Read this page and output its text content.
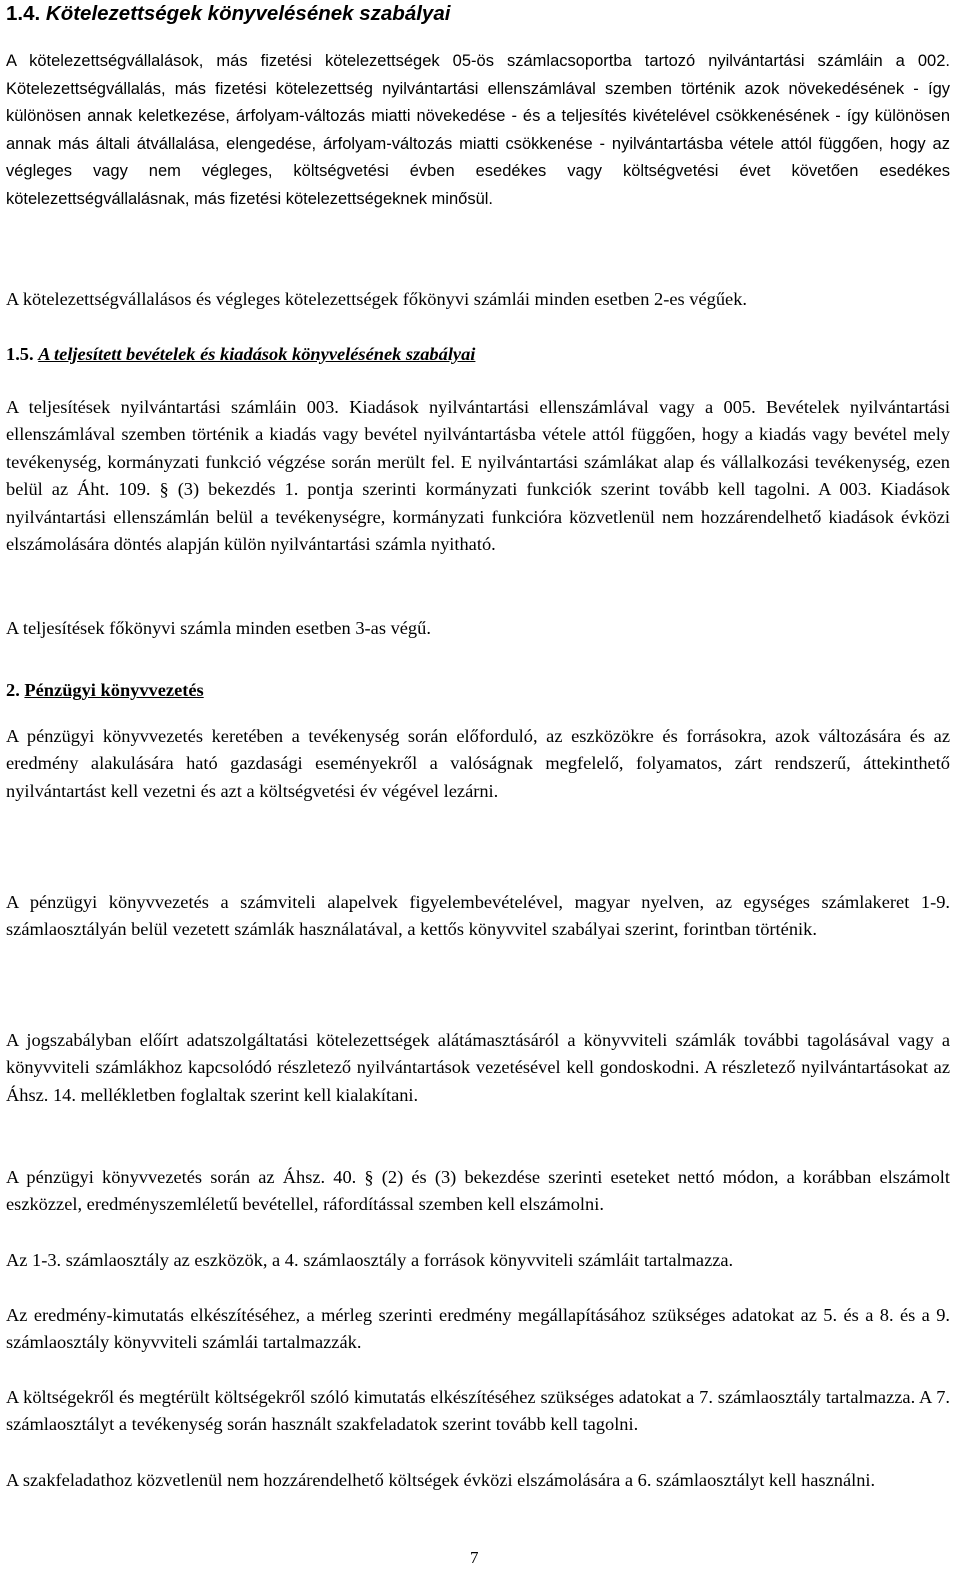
1.4. Kötelezettségek könyvelésének szabályai

A kötelezettségvállalások, más fizetési kötelezettségek 05-ös számlacsoportba tartozó nyilvántartási számláin a 002. Kötelezettségvállalás, más fizetési kötelezettség nyilvántartási ellenszámlával szemben történik azok növekedésének - így különösen annak keletkezése, árfolyam-változás miatti növekedése - és a teljesítés kivételével csökkenésének - így különösen annak más általi átvállalása, elengedése, árfolyam-változás miatti csökkenése - nyilvántartásba vétele attól függően, hogy az végleges vagy nem végleges, költségvetési évben esedékes vagy költségvetési évet követően esedékes kötelezettségvállalásnak, más fizetési kötelezettségeknek minősül.

A kötelezettségvállalásos és végleges kötelezettségek főkönyvi számlái minden esetben 2-es végűek.

1.5. A teljesített bevételek és kiadások könyvelésének szabályai

A teljesítések nyilvántartási számláin 003. Kiadások nyilvántartási ellenszámlával vagy a 005. Bevételek nyilvántartási ellenszámlával szemben történik a kiadás vagy bevétel nyilvántartásba vétele attól függően, hogy a kiadás vagy bevétel mely tevékenység, kormányzati funkció végzése során merült fel. E nyilvántartási számlákat alap és vállalkozási tevékenység, ezen belül az Áht. 109. § (3) bekezdés 1. pontja szerinti kormányzati funkciók szerint tovább kell tagolni. A 003. Kiadások nyilvántartási ellenszámlán belül a tevékenységre, kormányzati funkcióra közvetlenül nem hozzárendelhető kiadások évközi elszámolására döntés alapján külön nyilvántartási számla nyitható.

A teljesítések főkönyvi számla minden esetben 3-as végű.

2. Pénzügyi könyvvezetés

A pénzügyi könyvvezetés keretében a tevékenység során előforduló, az eszközökre és forrásokra, azok változására és az eredmény alakulására ható gazdasági eseményekről a valóságnak megfelelő, folyamatos, zárt rendszerű, áttekinthető nyilvántartást kell vezetni és azt a költségvetési év végével lezárni.

A pénzügyi könyvvezetés a számviteli alapelvek figyelembevételével, magyar nyelven, az egységes számlakeret 1-9. számlaosztályán belül vezetett számlák használatával, a kettős könyvvitel szabályai szerint, forintban történik.

A jogszabályban előírt adatszolgáltatási kötelezettségek alátámasztásáról a könyvviteli számlák további tagolásával vagy a könyvviteli számlákhoz kapcsolódó részletező nyilvántartások vezetésével kell gondoskodni. A részletező nyilvántartásokat az Áhsz. 14. mellékletben foglaltak szerint kell kialakítani.

A pénzügyi könyvvezetés során az Áhsz. 40. § (2) és (3) bekezdése szerinti eseteket nettó módon, a korábban elszámolt eszközzel, eredményszemléletű bevétellel, ráfordítással szemben kell elszámolni.

Az 1-3. számlaosztály az eszközök, a 4. számlaosztály a források könyvviteli számláit tartalmazza.

Az eredmény-kimutatás elkészítéséhez, a mérleg szerinti eredmény megállapításához szükséges adatokat az 5. és a 8. és a 9. számlaosztály könyvviteli számlái tartalmazzák.

A költségekről és megtérült költségekről szóló kimutatás elkészítéséhez szükséges adatokat a 7. számlaosztály tartalmazza. A 7. számlaosztályt a tevékenység során használt szakfeladatok szerint tovább kell tagolni.

A szakfeladathoz közvetlenül nem hozzárendelhető költségek évközi elszámolására a 6. számlaosztályt kell használni.

7
